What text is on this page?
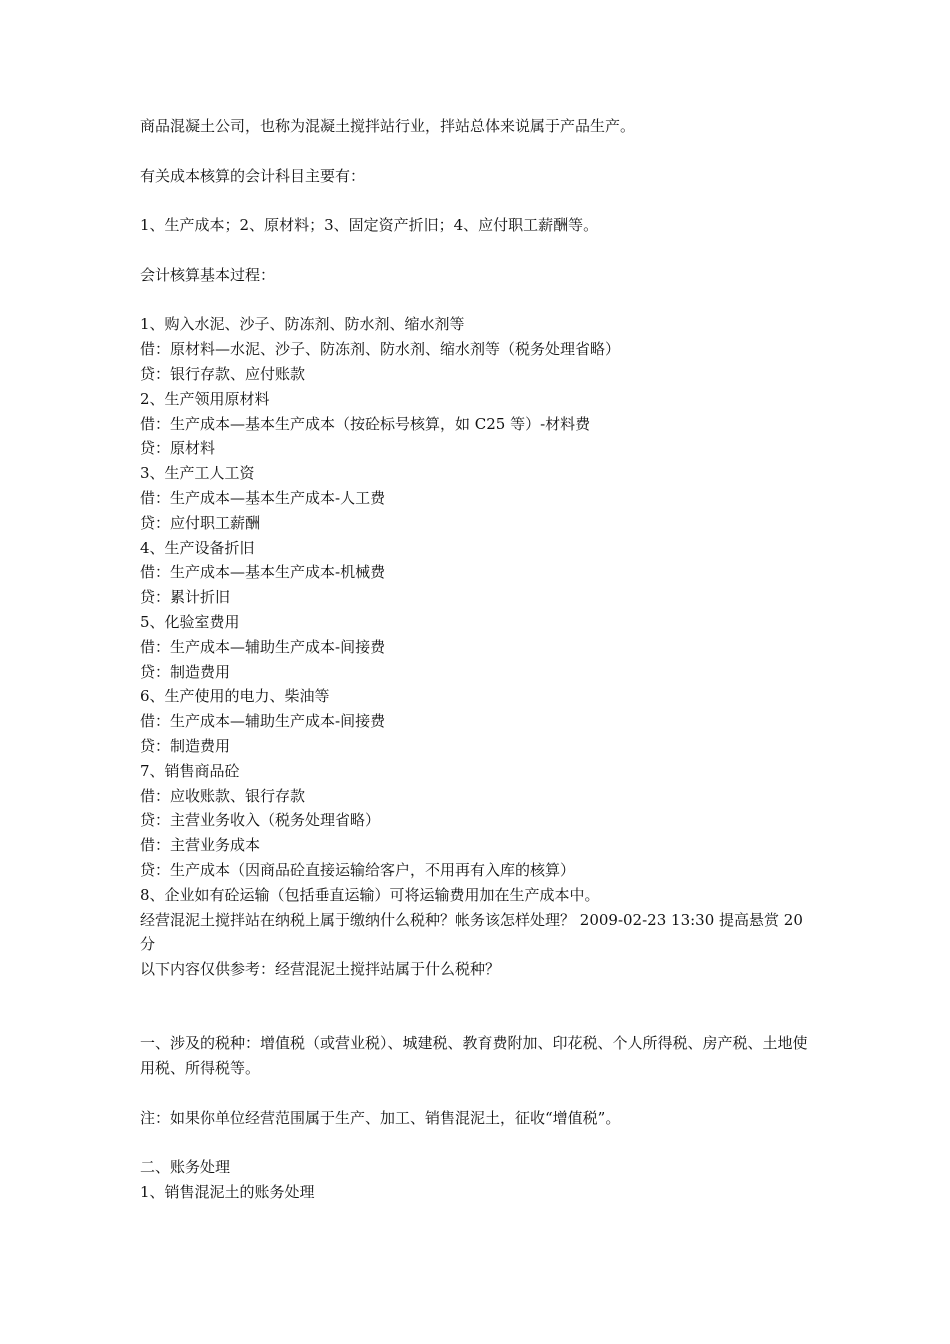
商品混凝土公司，也称为混凝土搅拌站行业，拌站总体来说属于产品生产。
有关成本核算的会计科目主要有：
1、生产成本；2、原材料；3、固定资产折旧；4、应付职工薪酬等。
会计核算基本过程：
1、购入水泥、沙子、防冻剂、防水剂、缩水剂等
借：原材料—水泥、沙子、防冻剂、防水剂、缩水剂等（税务处理省略）
贷：银行存款、应付账款
2、生产领用原材料
借：生产成本—基本生产成本（按砼标号核算，如 C25 等）-材料费
贷：原材料
3、生产工人工资
借：生产成本—基本生产成本-人工费
贷：应付职工薪酬
4、生产设备折旧
借：生产成本—基本生产成本-机械费
贷：累计折旧
5、化验室费用
借：生产成本—辅助生产成本-间接费
贷：制造费用
6、生产使用的电力、柴油等
借：生产成本—辅助生产成本-间接费
贷：制造费用
7、销售商品砼
借：应收账款、银行存款
贷：主营业务收入（税务处理省略）
借：主营业务成本
贷：生产成本（因商品砼直接运输给客户，不用再有入库的核算）
8、企业如有砼运输（包括垂直运输）可将运输费用加在生产成本中。
经营混泥土搅拌站在纳税上属于缴纳什么税种？帐务该怎样处理？ 2009-02-23 13:30 提高悬赏 20 分
以下内容仅供参考：经营混泥土搅拌站属于什么税种？
一、涉及的税种：增值税（或营业税）、城建税、教育费附加、印花税、个人所得税、房产税、土地使用税、所得税等。
注：如果你单位经营范围属于生产、加工、销售混泥土，征收“增值税”。
二、账务处理
1、销售混泥土的账务处理
